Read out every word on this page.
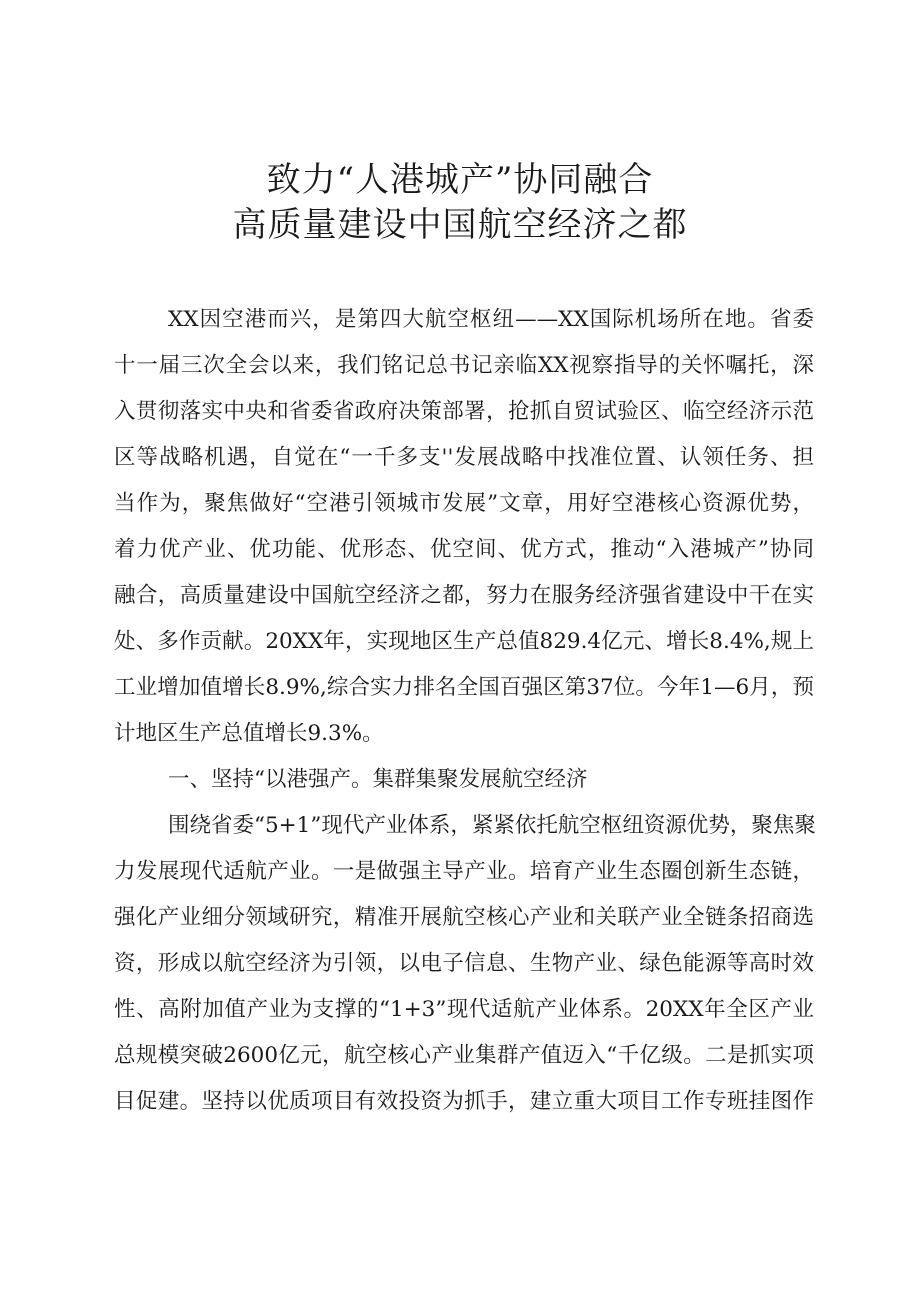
致力“人港城产”协同融合
高质量建设中国航空经济之都
XX因空港而兴，是第四大航空枢纽——XX国际机场所在地。省委
十一届三次全会以来，我们铭记总书记亲临XX视察指导的关怀嘱托，深
入贯彻落实中央和省委省政府决策部署，抢抓自贸试验区、临空经济示范
区等战略机遇，自觉在“一千多支''发展战略中找准位置、认领任务、担
当作为，聚焦做好“空港引领城市发展”文章，用好空港核心资源优势，
着力优产业、优功能、优形态、优空间、优方式，推动“入港城产”协同
融合，高质量建设中国航空经济之都，努力在服务经济强省建设中干在实
处、多作贡献。20XX年，实现地区生产总值829.4亿元、增长8.4%,规上
工业增加值增长8.9%,综合实力排名全国百强区第37位。今年1—6月，预
计地区生产总值增长9.3%。
一、坚持“以港强产。集群集聚发展航空经济
围绕省委“5+1”现代产业体系，紧紧依托航空枢纽资源优势，聚焦聚
力发展现代适航产业。一是做强主导产业。培育产业生态圈创新生态链，
强化产业细分领域研究，精准开展航空核心产业和关联产业全链条招商选
资，形成以航空经济为引领，以电子信息、生物产业、绿色能源等高时效
性、高附加值产业为支撑的“1+3”现代适航产业体系。20XX年全区产业
总规模突破2600亿元，航空核心产业集群产值迈入“千亿级。二是抓实项
目促建。坚持以优质项目有效投资为抓手，建立重大项目工作专班挂图作
